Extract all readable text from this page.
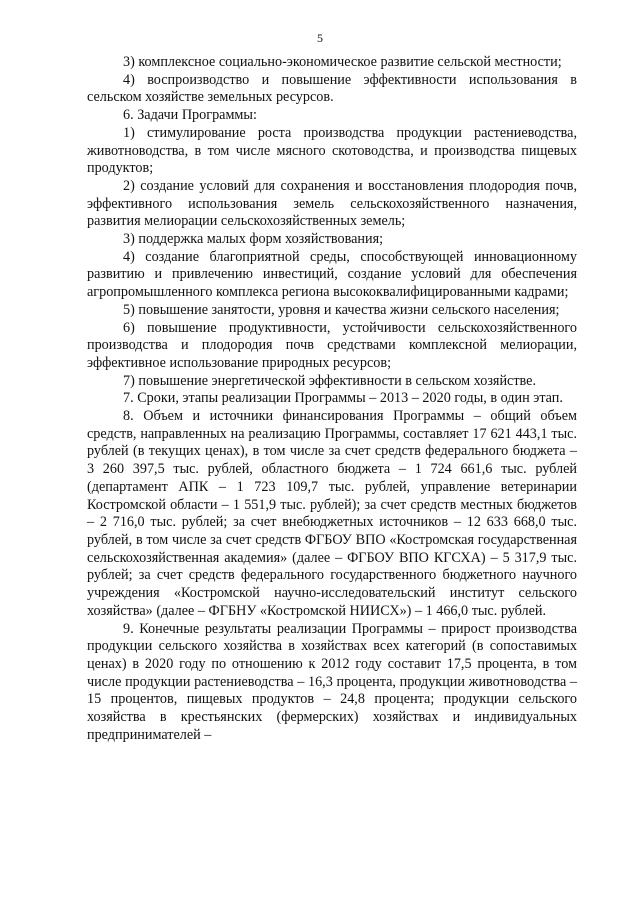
5

3) комплексное социально-экономическое развитие сельской местности;

4) воспроизводство и повышение эффективности использования в сельском хозяйстве земельных ресурсов.

6. Задачи Программы:

1) стимулирование роста производства продукции растениеводства, животноводства, в том числе мясного скотоводства, и производства пищевых продуктов;

2) создание условий для сохранения и восстановления плодородия почв, эффективного использования земель сельскохозяйственного назначения, развития мелиорации сельскохозяйственных земель;

3) поддержка малых форм хозяйствования;

4) создание благоприятной среды, способствующей инновационному развитию и привлечению инвестиций, создание условий для обеспечения агропромышленного комплекса региона высококвалифицированными кадрами;

5) повышение занятости, уровня и качества жизни сельского населения;

6) повышение продуктивности, устойчивости сельскохозяйственного производства и плодородия почв средствами комплексной мелиорации, эффективное использование природных ресурсов;

7) повышение энергетической эффективности в сельском хозяйстве.

7. Сроки, этапы реализации Программы – 2013 – 2020 годы, в один этап.

8. Объем и источники финансирования Программы – общий объем средств, направленных на реализацию Программы, составляет 17 621 443,1 тыс. рублей (в текущих ценах), в том числе за счет средств федерального бюджета – 3 260 397,5 тыс. рублей, областного бюджета – 1 724 661,6 тыс. рублей (департамент АПК – 1 723 109,7 тыс. рублей, управление ветеринарии Костромской области – 1 551,9 тыс. рублей); за счет средств местных бюджетов – 2 716,0 тыс. рублей; за счет внебюджетных источников – 12 633 668,0 тыс. рублей, в том числе за счет средств ФГБОУ ВПО «Костромская государственная сельскохозяйственная академия» (далее – ФГБОУ ВПО КГСХА) – 5 317,9 тыс. рублей; за счет средств федерального государственного бюджетного научного учреждения «Костромской научно-исследовательский институт сельского хозяйства» (далее – ФГБНУ «Костромской НИИСХ») – 1 466,0 тыс. рублей.

9. Конечные результаты реализации Программы – прирост производства продукции сельского хозяйства в хозяйствах всех категорий (в сопоставимых ценах) в 2020 году по отношению к 2012 году составит 17,5 процента, в том числе продукции растениеводства – 16,3 процента, продукции животноводства – 15 процентов, пищевых продуктов – 24,8 процента; продукции сельского хозяйства в крестьянских (фермерских) хозяйствах и индивидуальных предпринимателей –
